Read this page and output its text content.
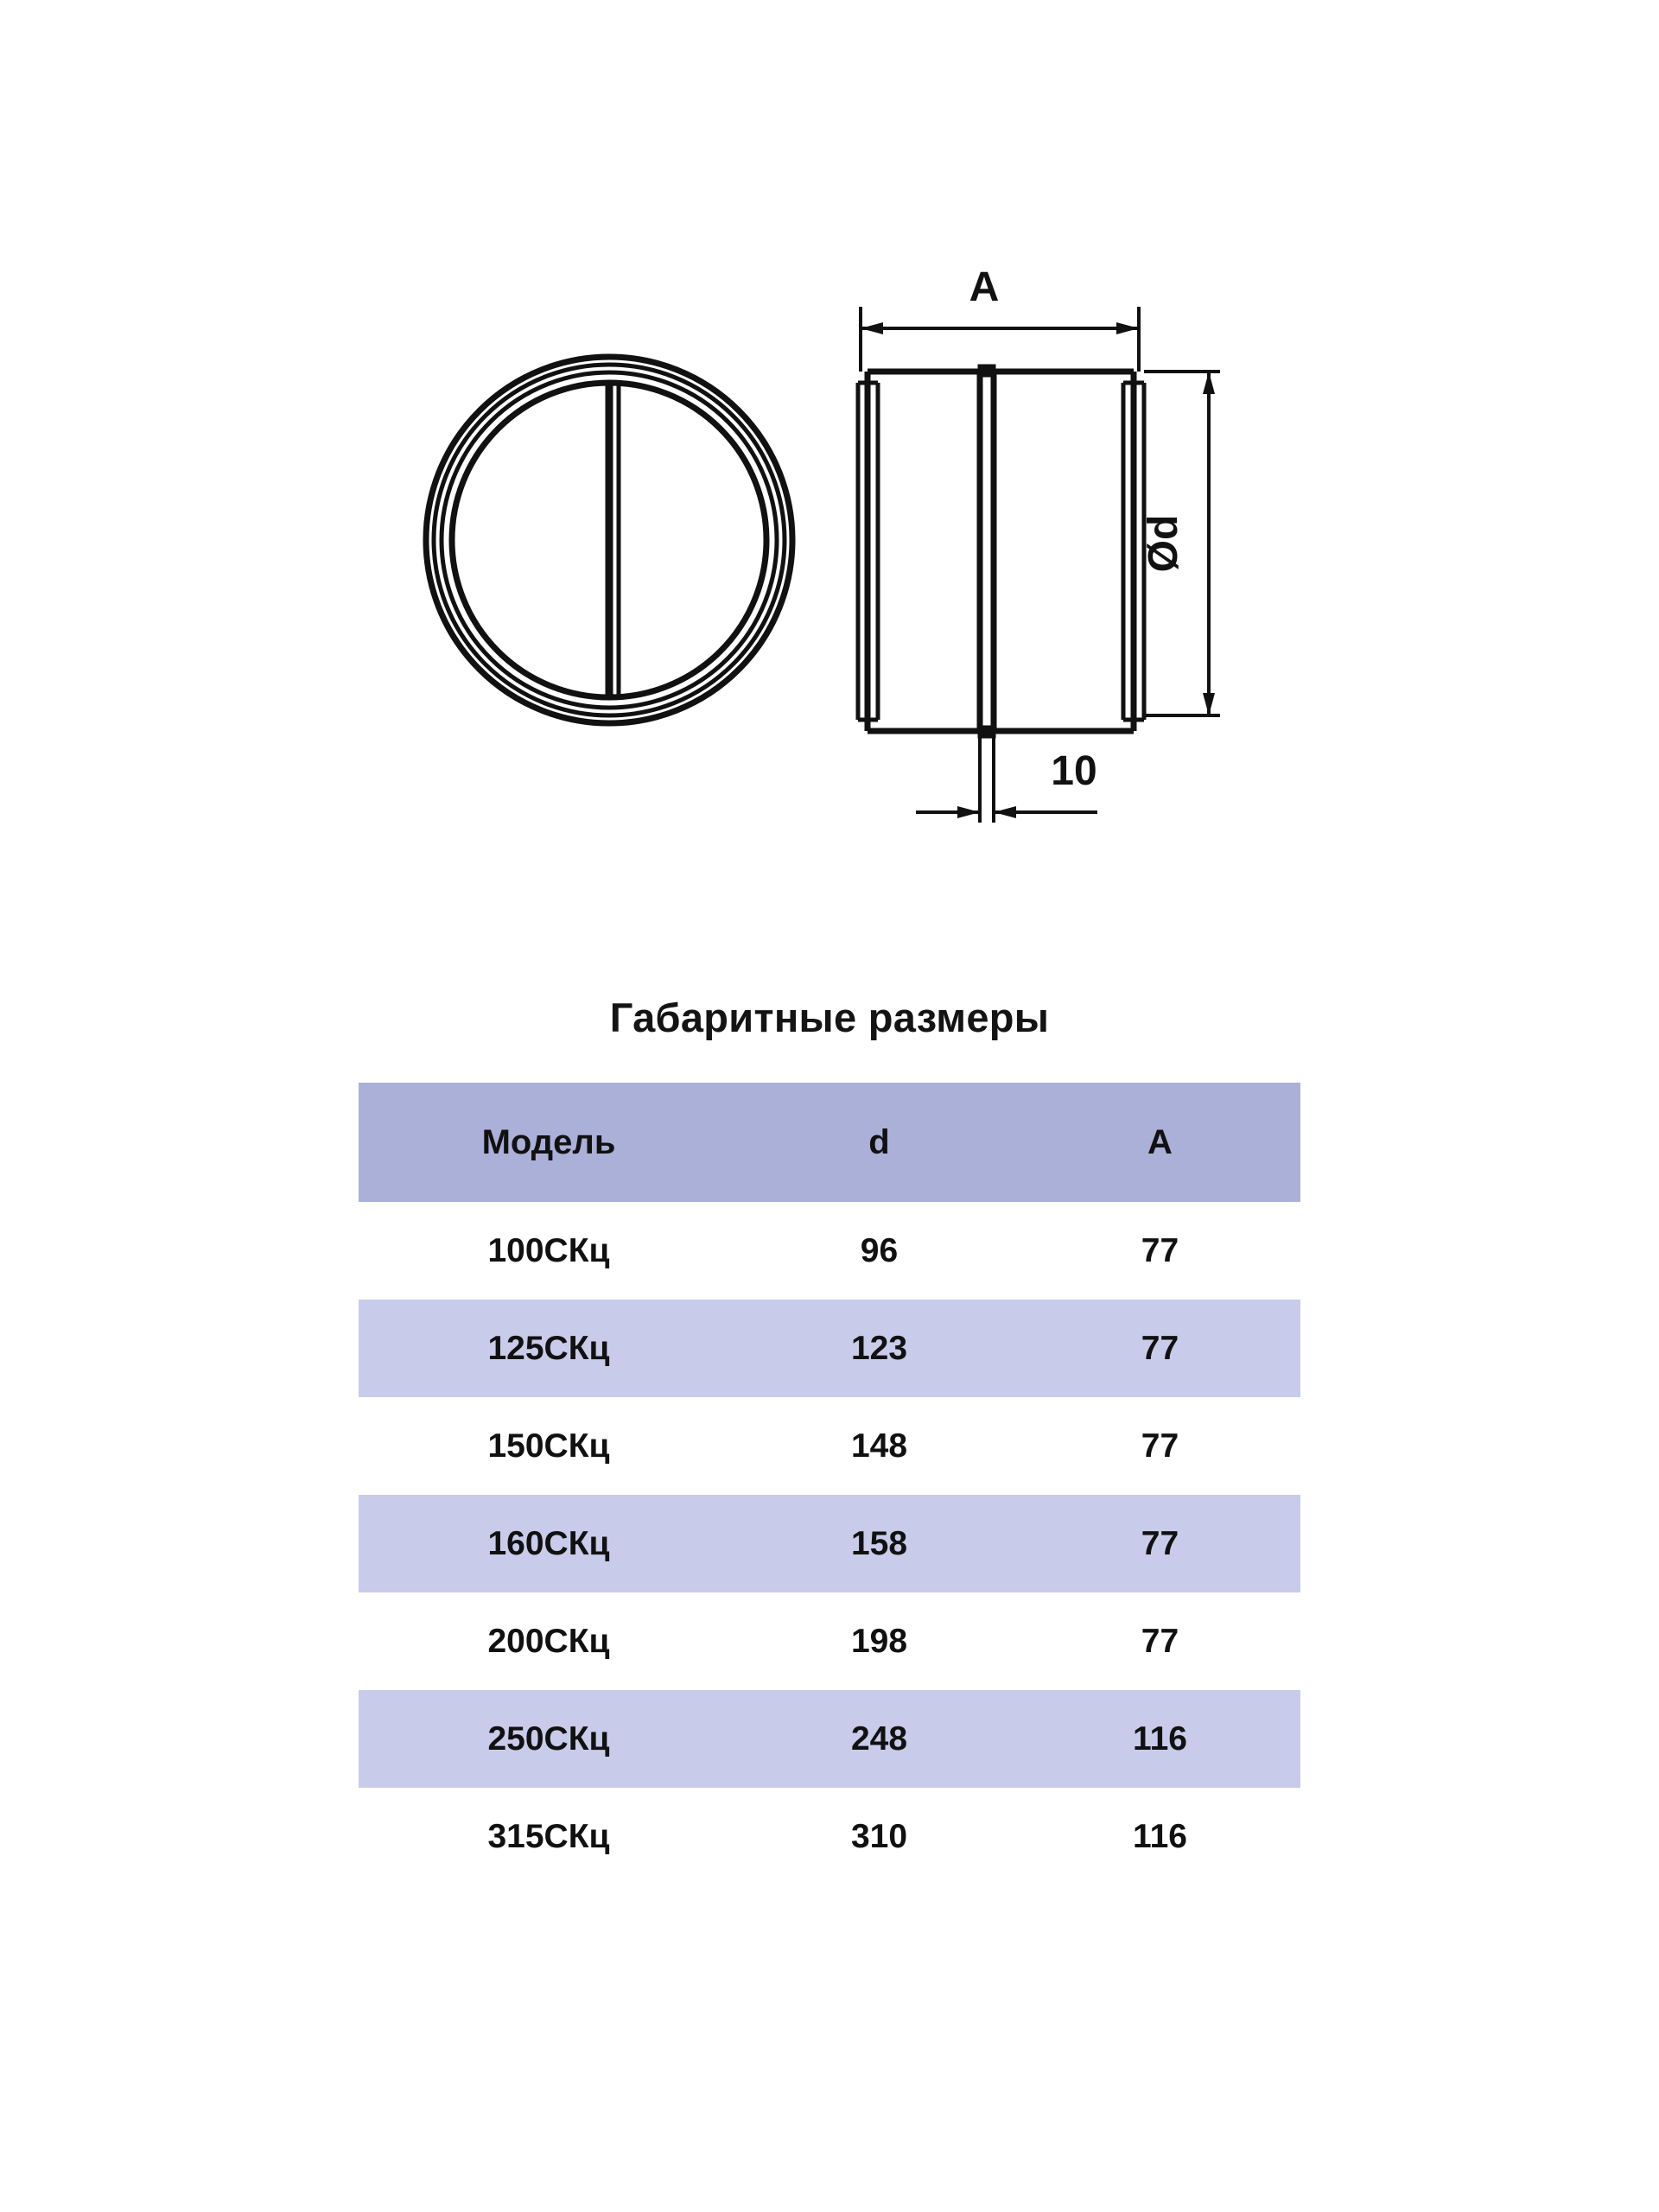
A
Ød
10
Габаритные размеры
Модель	d	A
100СКц	96	77
125СКц	123	77
150СКц	148	77
160СКц	158	77
200СКц	198	77
250СКц	248	116
315СКц	310	116
